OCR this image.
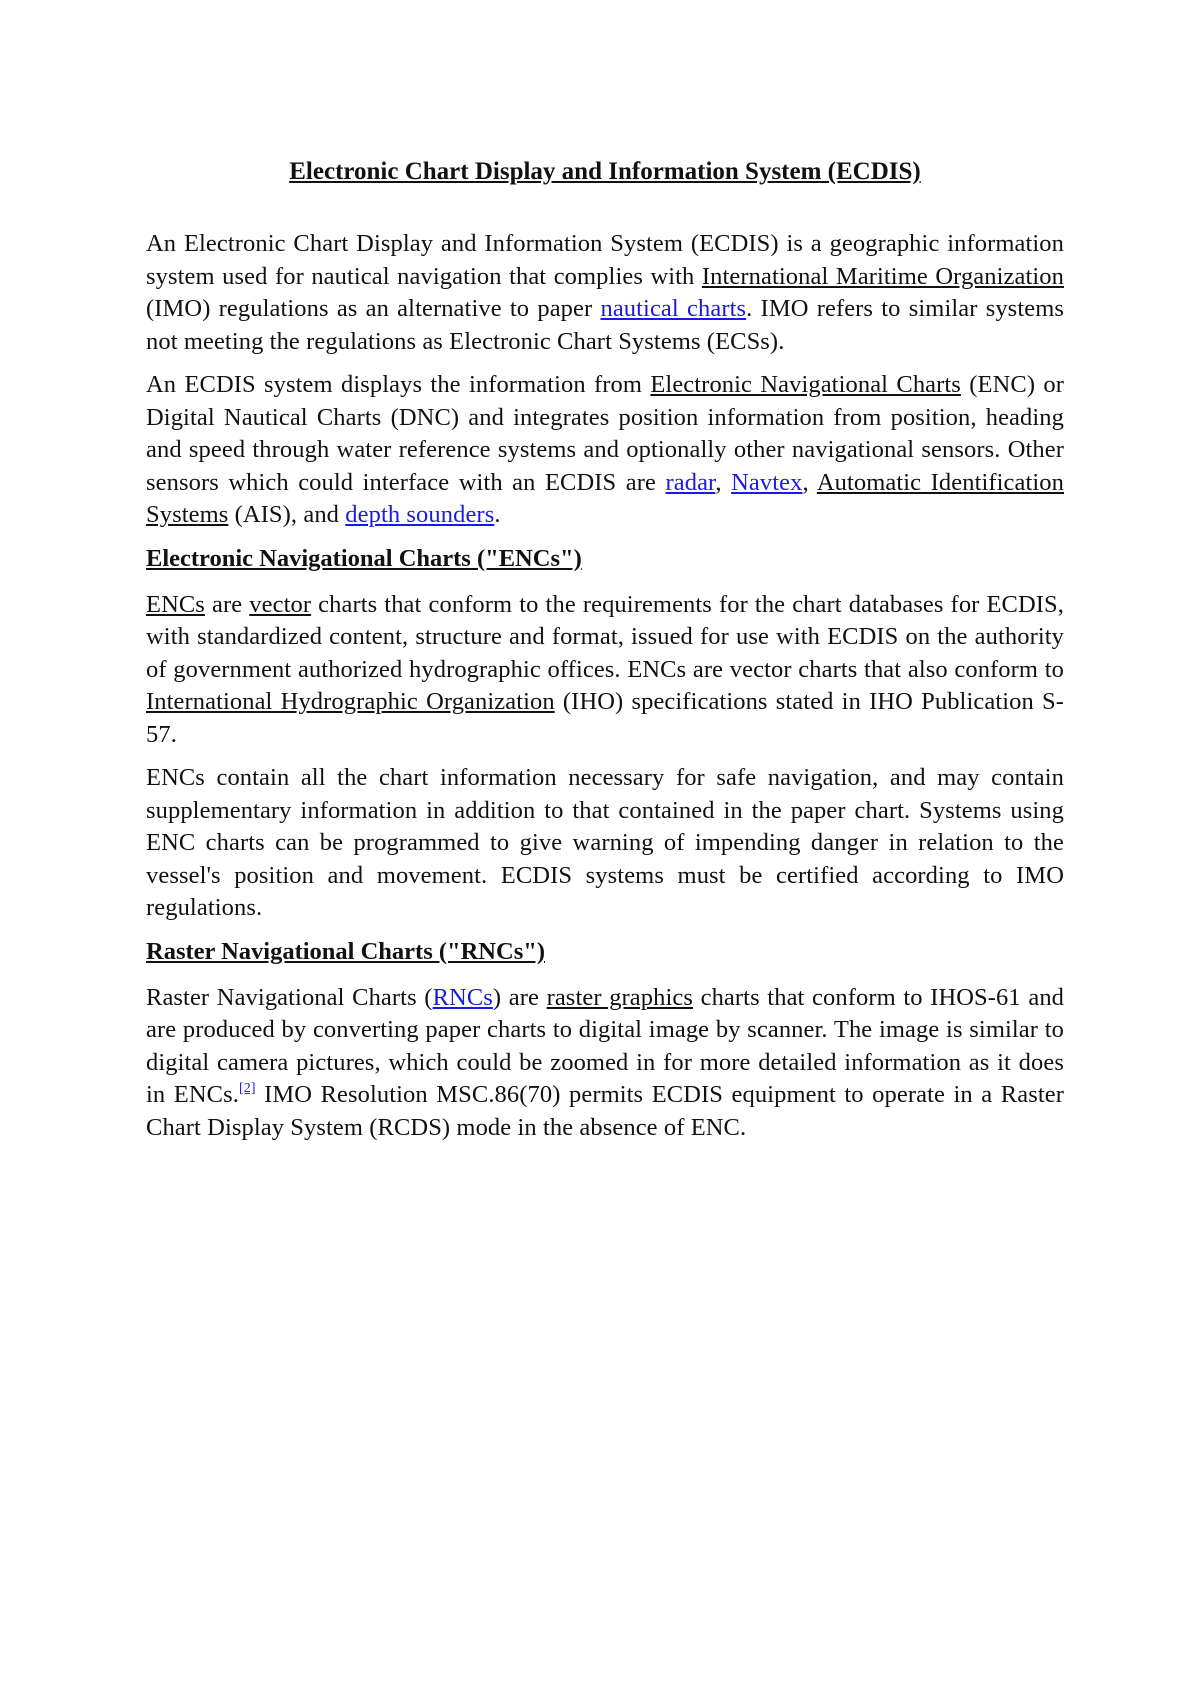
Electronic Chart Display and Information System (ECDIS)

An Electronic Chart Display and Information System (ECDIS) is a geographic information system used for nautical navigation that complies with International Maritime Organization (IMO) regulations as an alternative to paper nautical charts. IMO refers to similar systems not meeting the regulations as Electronic Chart Systems (ECSs).

An ECDIS system displays the information from Electronic Navigational Charts (ENC) or Digital Nautical Charts (DNC) and integrates position information from position, heading and speed through water reference systems and optionally other navigational sensors. Other sensors which could interface with an ECDIS are radar, Navtex, Automatic Identification Systems (AIS), and depth sounders.

Electronic Navigational Charts ("ENCs")

ENCs are vector charts that conform to the requirements for the chart databases for ECDIS, with standardized content, structure and format, issued for use with ECDIS on the authority of government authorized hydrographic offices. ENCs are vector charts that also conform to International Hydrographic Organization (IHO) specifications stated in IHO Publication S-57.

ENCs contain all the chart information necessary for safe navigation, and may contain supplementary information in addition to that contained in the paper chart. Systems using ENC charts can be programmed to give warning of impending danger in relation to the vessel's position and movement. ECDIS systems must be certified according to IMO regulations.

Raster Navigational Charts ("RNCs")

Raster Navigational Charts (RNCs) are raster graphics charts that conform to IHOS-61 and are produced by converting paper charts to digital image by scanner. The image is similar to digital camera pictures, which could be zoomed in for more detailed information as it does in ENCs.[2] IMO Resolution MSC.86(70) permits ECDIS equipment to operate in a Raster Chart Display System (RCDS) mode in the absence of ENC.
